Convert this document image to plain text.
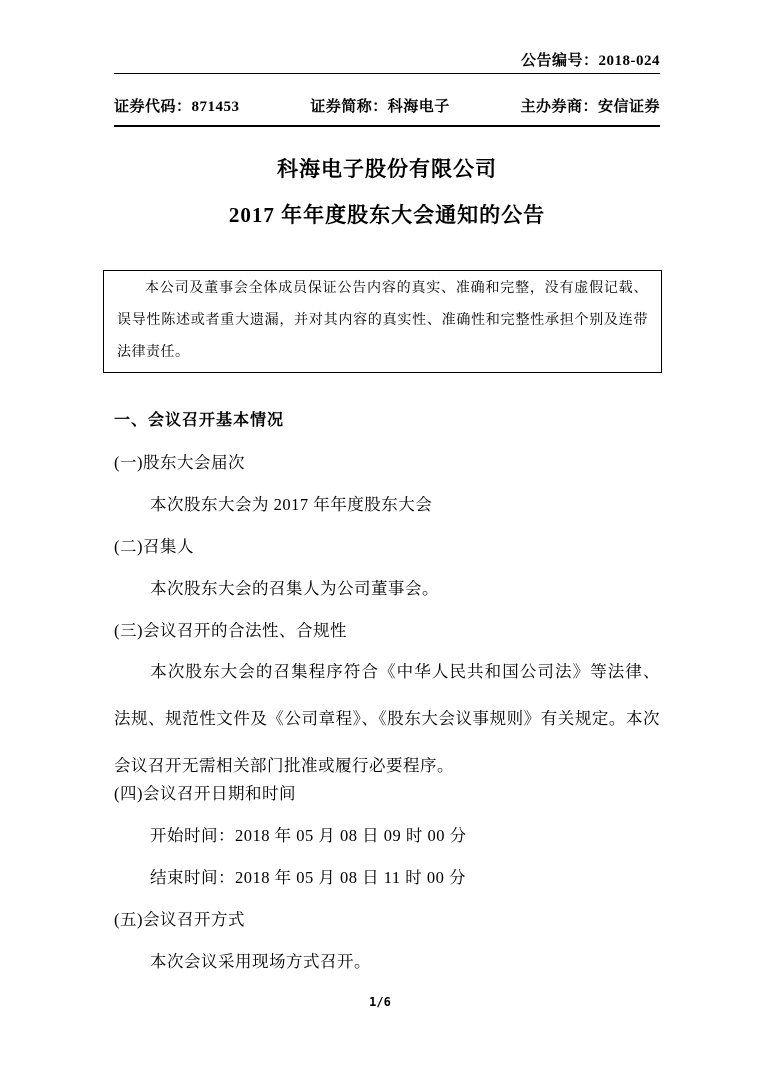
公告编号：2018-024
证券代码：871453	证券简称：科海电子	主办券商：安信证券
科海电子股份有限公司
2017 年年度股东大会通知的公告

本公司及董事会全体成员保证公告内容的真实、准确和完整，没有虚假记载、误导性陈述或者重大遗漏，并对其内容的真实性、准确性和完整性承担个别及连带法律责任。

一、会议召开基本情况
(一)股东大会届次
本次股东大会为 2017 年年度股东大会
(二)召集人
本次股东大会的召集人为公司董事会。
(三)会议召开的合法性、合规性
本次股东大会的召集程序符合《中华人民共和国公司法》等法律、法规、规范性文件及《公司章程》、《股东大会议事规则》有关规定。本次会议召开无需相关部门批准或履行必要程序。
(四)会议召开日期和时间
开始时间：2018 年 05 月 08 日 09 时 00 分
结束时间：2018 年 05 月 08 日 11 时 00 分
(五)会议召开方式
本次会议采用现场方式召开。
1/6
